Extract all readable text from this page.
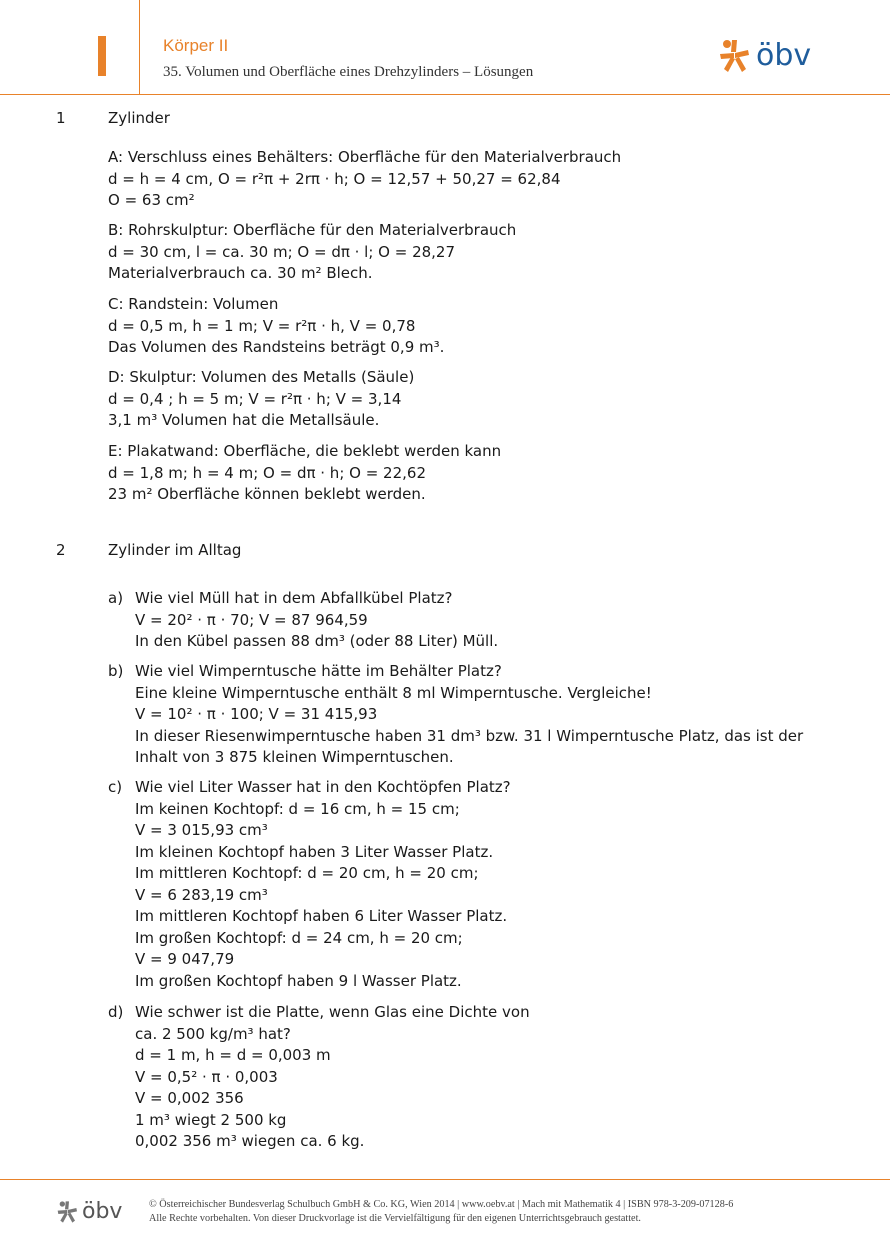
Körper II
35. Volumen und Oberfläche eines Drehzylinders – Lösungen	öbv
1	Zylinder
A: Verschluss eines Behälters: Oberfläche für den Materialverbrauch
d = h = 4 cm, O = r²π + 2rπ · h; O = 12,57 + 50,27 = 62,84
O = 63 cm²
B: Rohrskulptur: Oberfläche für den Materialverbrauch
d = 30 cm, l = ca. 30 m; O = dπ · l; O = 28,27
Materialverbrauch ca. 30 m² Blech.
C: Randstein: Volumen
d = 0,5 m, h = 1 m; V = r²π · h, V = 0,78
Das Volumen des Randsteins beträgt 0,9 m³.
D: Skulptur: Volumen des Metalls (Säule)
d = 0,4 ; h = 5 m; V = r²π · h; V = 3,14
3,1 m³ Volumen hat die Metallsäule.
E: Plakatwand: Oberfläche, die beklebt werden kann
d = 1,8 m; h = 4 m; O = dπ · h; O = 22,62
23 m² Oberfläche können beklebt werden.
2	Zylinder im Alltag
a) Wie viel Müll hat in dem Abfallkübel Platz?
V = 20² · π · 70; V = 87 964,59
In den Kübel passen 88 dm³ (oder 88 Liter) Müll.
b) Wie viel Wimperntusche hätte im Behälter Platz?
Eine kleine Wimperntusche enthält 8 ml Wimperntusche. Vergleiche!
V = 10² · π · 100; V = 31 415,93
In dieser Riesenwimperntusche haben 31 dm³ bzw. 31 l Wimperntusche Platz, das ist der
Inhalt von 3 875 kleinen Wimperntuschen.
c) Wie viel Liter Wasser hat in den Kochtöpfen Platz?
Im keinen Kochtopf: d = 16 cm, h = 15 cm;
V = 3 015,93 cm³
Im kleinen Kochtopf haben 3 Liter Wasser Platz.
Im mittleren Kochtopf: d = 20 cm, h = 20 cm;
V = 6 283,19 cm³
Im mittleren Kochtopf haben 6 Liter Wasser Platz.
Im großen Kochtopf: d = 24 cm, h = 20 cm;
V = 9 047,79
Im großen Kochtopf haben 9 l Wasser Platz.
d) Wie schwer ist die Platte, wenn Glas eine Dichte von
ca. 2 500 kg/m³ hat?
d = 1 m, h = d = 0,003 m
V = 0,5² · π · 0,003
V = 0,002 356
1 m³ wiegt 2 500 kg
0,002 356 m³ wiegen ca. 6 kg.
öbv	© Österreichischer Bundesverlag Schulbuch GmbH & Co. KG, Wien 2014 | www.oebv.at | Mach mit Mathematik 4 | ISBN 978-3-209-07128-6
Alle Rechte vorbehalten. Von dieser Druckvorlage ist die Vervielfältigung für den eigenen Unterrichtsgebrauch gestattet.
